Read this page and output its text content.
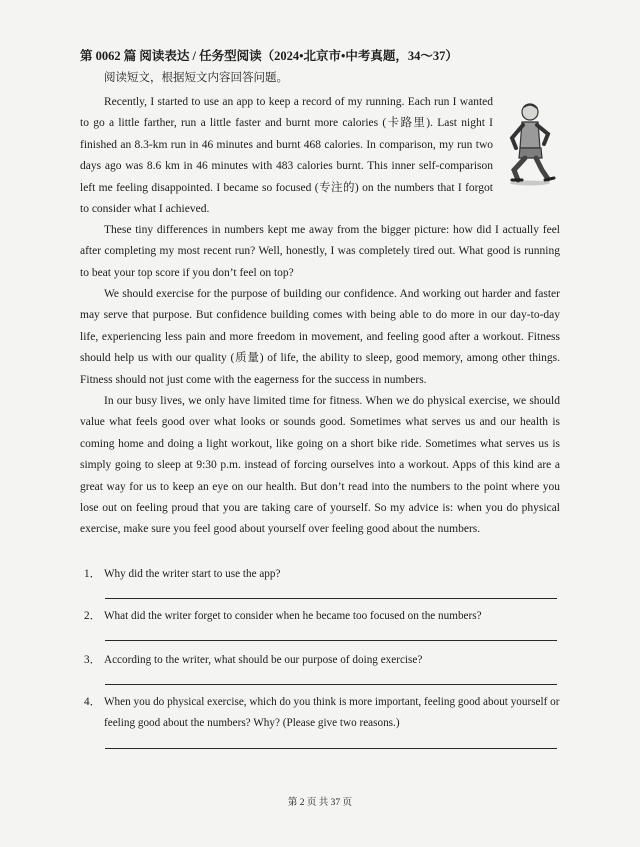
第 0062 篇 阅读表达 / 任务型阅读（2024•北京市•中考真题，34〜37）
阅读短文，根据短文内容回答问题。

Recently, I started to use an app to keep a record of my running. Each run I wanted to go a little farther, run a little faster and burnt more calories (卡路里). Last night I finished an 8.3-km run in 46 minutes and burnt 468 calories. In comparison, my run two days ago was 8.6 km in 46 minutes with 483 calories burnt. This inner self-comparison left me feeling disappointed. I became so focused (专注的) on the numbers that I forgot to consider what I achieved.

These tiny differences in numbers kept me away from the bigger picture: how did I actually feel after completing my most recent run? Well, honestly, I was completely tired out. What good is running to beat your top score if you don’t feel on top?

We should exercise for the purpose of building our confidence. And working out harder and faster may serve that purpose. But confidence building comes with being able to do more in our day-to-day life, experiencing less pain and more freedom in movement, and feeling good after a workout. Fitness should help us with our quality (质量) of life, the ability to sleep, good memory, among other things. Fitness should not just come with the eagerness for the success in numbers.

In our busy lives, we only have limited time for fitness. When we do physical exercise, we should value what feels good over what looks or sounds good. Sometimes what serves us and our health is coming home and doing a light workout, like going on a short bike ride. Sometimes what serves us is simply going to sleep at 9:30 p.m. instead of forcing ourselves into a workout. Apps of this kind are a great way for us to keep an eye on our health. But don’t read into the numbers to the point where you lose out on feeling proud that you are taking care of yourself. So my advice is: when you do physical exercise, make sure you feel good about yourself over feeling good about the numbers.

1． Why did the writer start to use the app?
2． What did the writer forget to consider when he became too focused on the numbers?
3． According to the writer, what should be our purpose of doing exercise?
4． When you do physical exercise, which do you think is more important, feeling good about yourself or feeling good about the numbers? Why? (Please give two reasons.)
第 2 页 共 37 页
